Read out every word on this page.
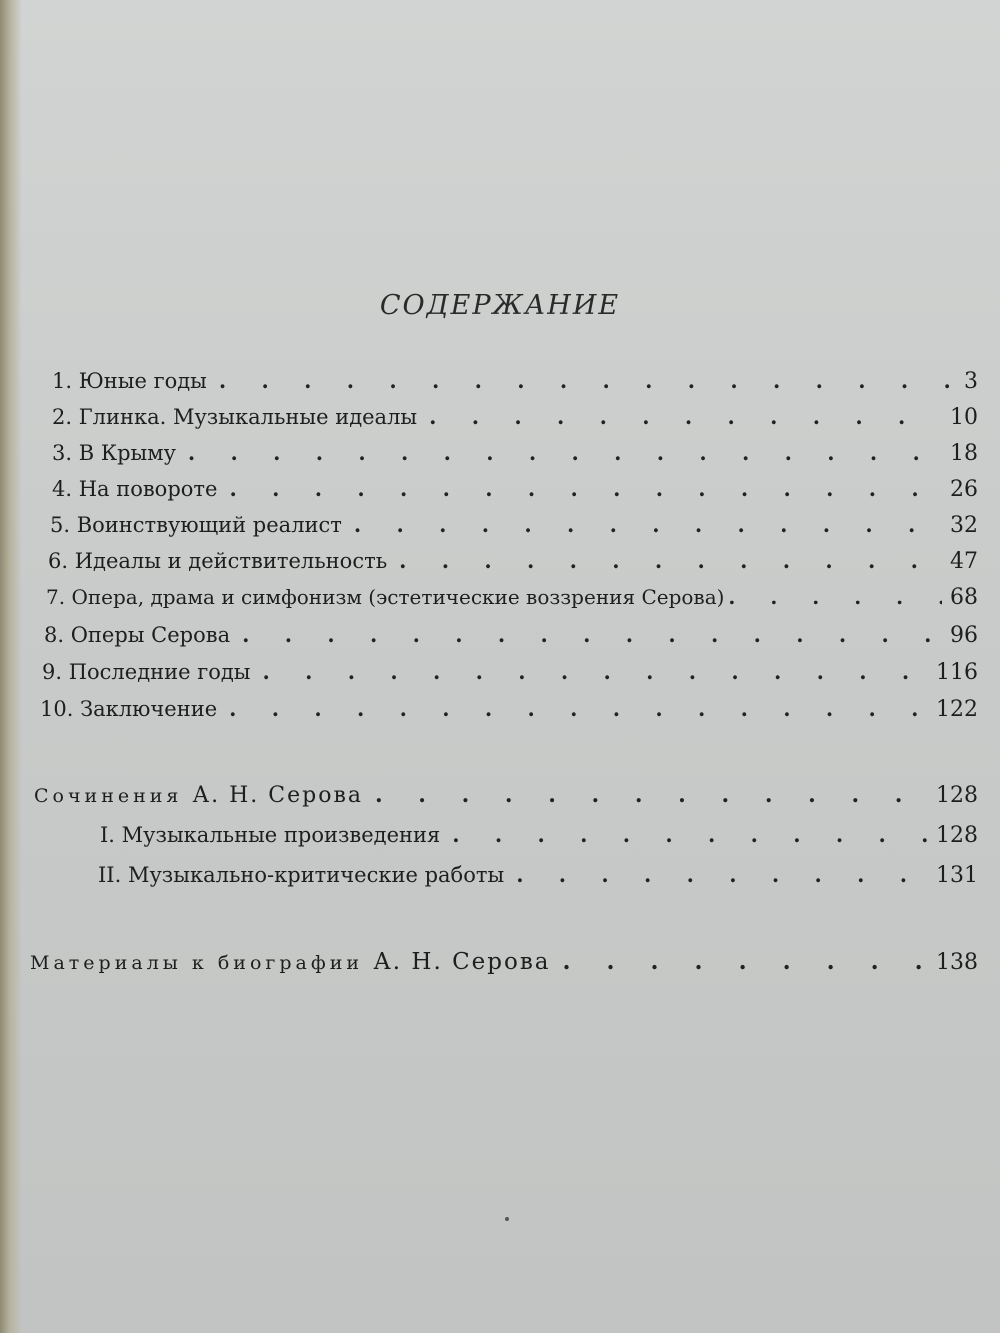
СОДЕРЖАНИЕ
1. Юные годы . . .	3
2. Глинка. Музыкальные идеалы . . .	10
3. В Крыму . . .	18
4. На повороте . . .	26
5. Воинствующий реалист . . .	32
6. Идеалы и действительность . . .	47
7. Опера, драма и симфонизм (эстетические воззрения Серова) . . .	68
8. Оперы Серова . . .	96
9. Последние годы . . .	116
10. Заключение . . .	122
Сочинения А. Н. Серова . . .	128
I. Музыкальные произведения . . .	128
II. Музыкально-критические работы . . .	131
Материалы к биографии А. Н. Серова . . .	138
